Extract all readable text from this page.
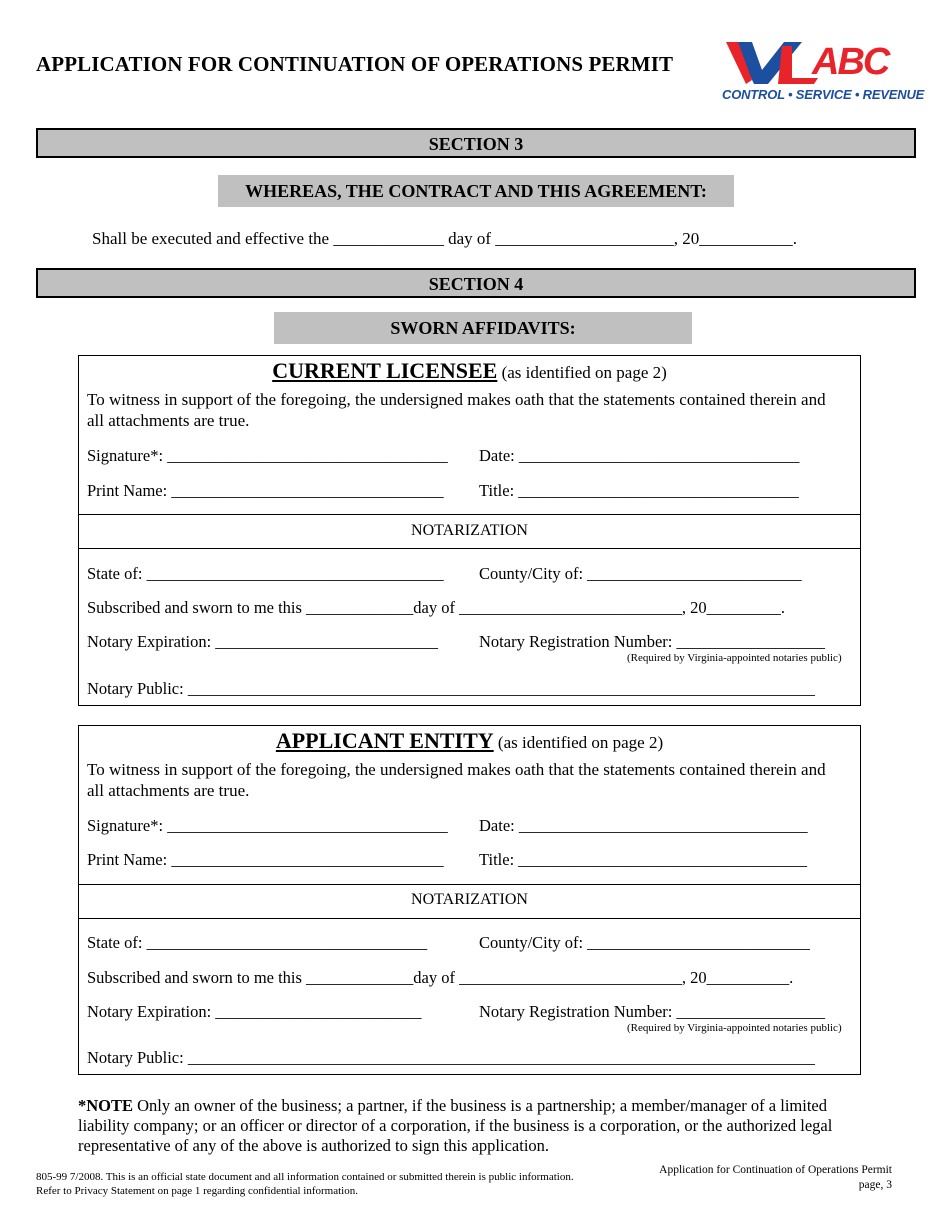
APPLICATION FOR CONTINUATION OF OPERATIONS PERMIT	ABC
CONTROL • SERVICE • REVENUE
SECTION 3
WHEREAS, THE CONTRACT AND THIS AGREEMENT:
Shall be executed and effective the _____________ day of _____________________, 20___________.
SECTION 4
SWORN AFFIDAVITS:
CURRENT LICENSEE (as identified on page 2)
To witness in support of the foregoing, the undersigned makes oath that the statements contained therein and all attachments are true.
Signature*: __________________________________ Date: __________________________________
Print Name: _________________________________ Title: __________________________________
NOTARIZATION
State of: ____________________________________ County/City of: __________________________
Subscribed and sworn to me this _____________day of ___________________________, 20_________.
Notary Expiration: ___________________________ Notary Registration Number: __________________
(Required by Virginia-appointed notaries public)
Notary Public: ____________________________________________________________________________
APPLICANT ENTITY (as identified on page 2)
To witness in support of the foregoing, the undersigned makes oath that the statements contained therein and all attachments are true.
Signature*: __________________________________ Date: ___________________________________
Print Name: _________________________________ Title: ___________________________________
NOTARIZATION
State of: __________________________________	County/City of: ___________________________
Subscribed and sworn to me this _____________day of ___________________________, 20__________.
Notary Expiration: _________________________	Notary Registration Number: __________________
(Required by Virginia-appointed notaries public)
Notary Public: ____________________________________________________________________________
*NOTE Only an owner of the business; a partner, if the business is a partnership; a member/manager of a limited liability company; or an officer or director of a corporation, if the business is a corporation, or the authorized legal representative of any of the above is authorized to sign this application.
805-99 7/2008. This is an official state document and all information contained or submitted therein is public information.
Refer to Privacy Statement on page 1 regarding confidential information.
Application for Continuation of Operations Permit
page, 3
